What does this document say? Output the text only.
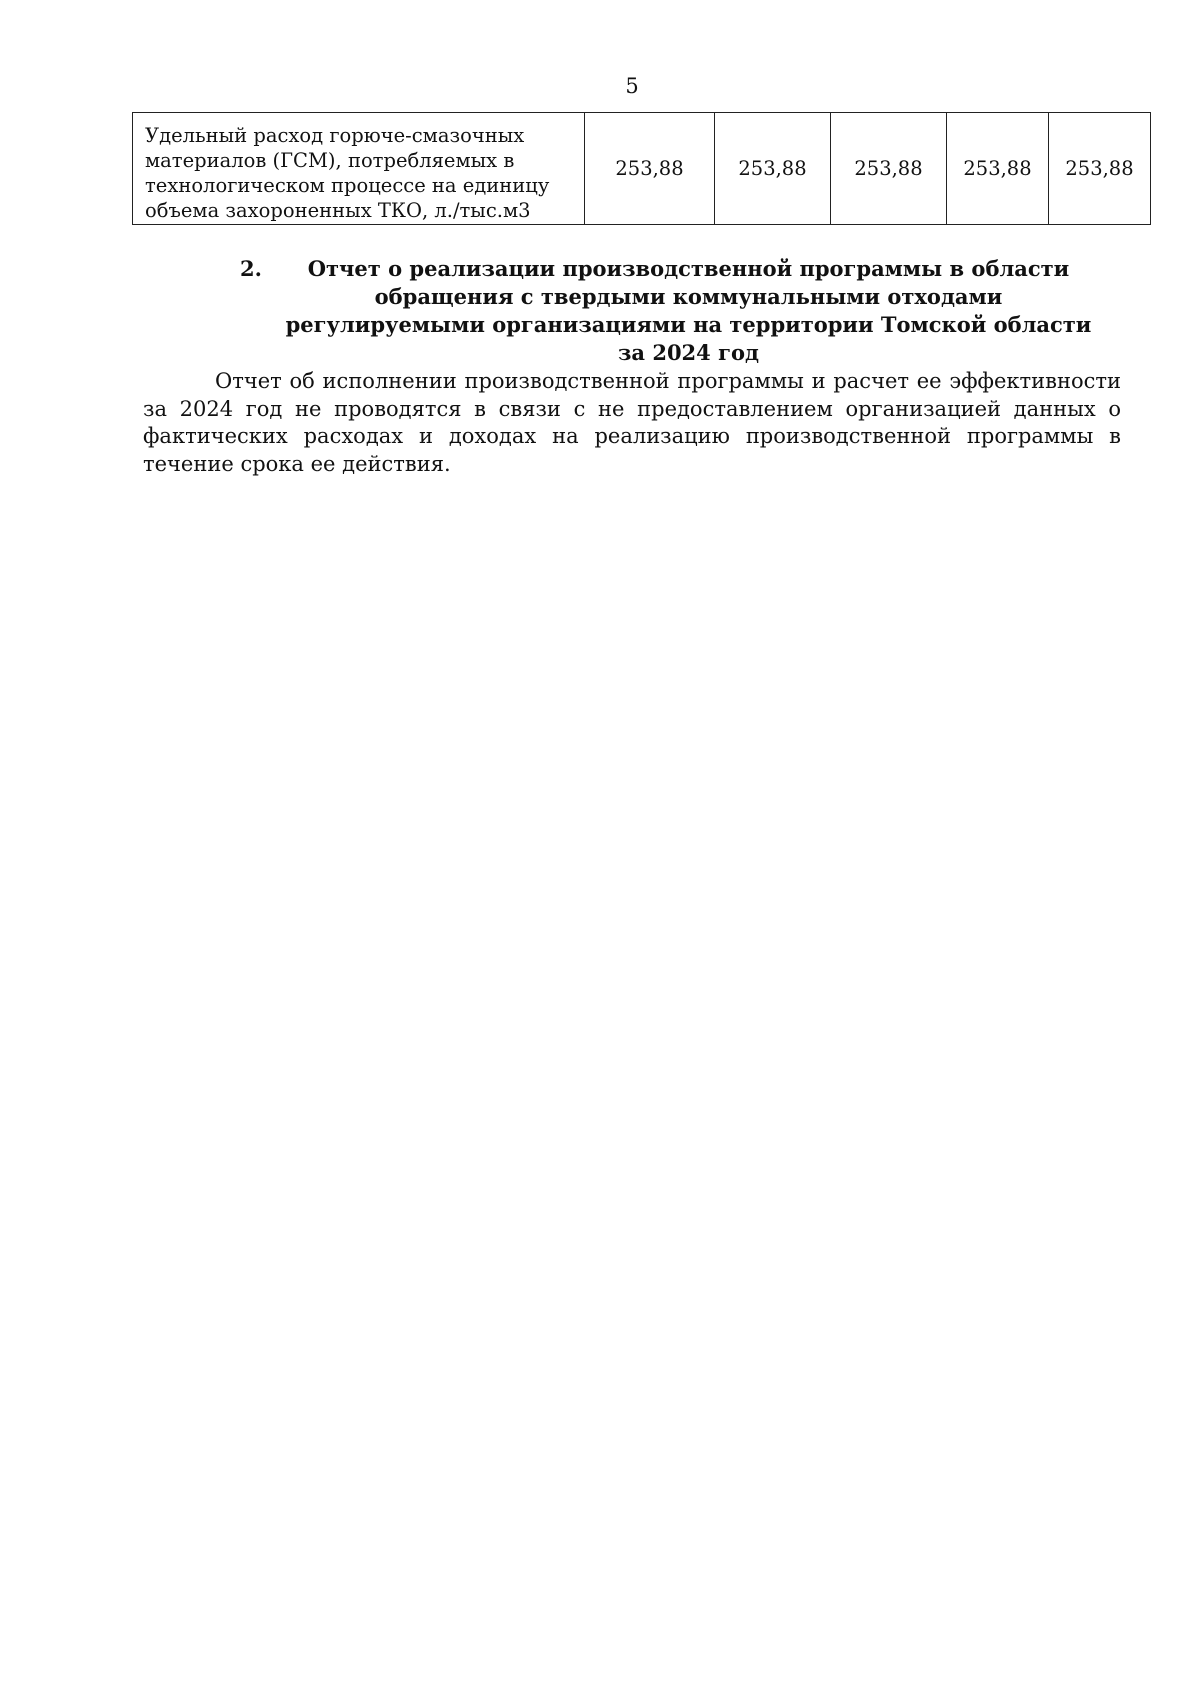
5
Удельный расход горюче-смазочных материалов (ГСМ), потребляемых в технологическом процессе на единицу объема захороненных ТКО, л./тыс.м3	253,88	253,88	253,88	253,88	253,88
2.	Отчет о реализации производственной программы в области обращения с твердыми коммунальными отходами регулируемыми организациями на территории Томской области за 2024 год

Отчет об исполнении производственной программы и расчет ее эффективности за 2024 год не проводятся в связи с не предоставлением организацией данных о фактических расходах и доходах на реализацию производственной программы в течение срока ее действия.
